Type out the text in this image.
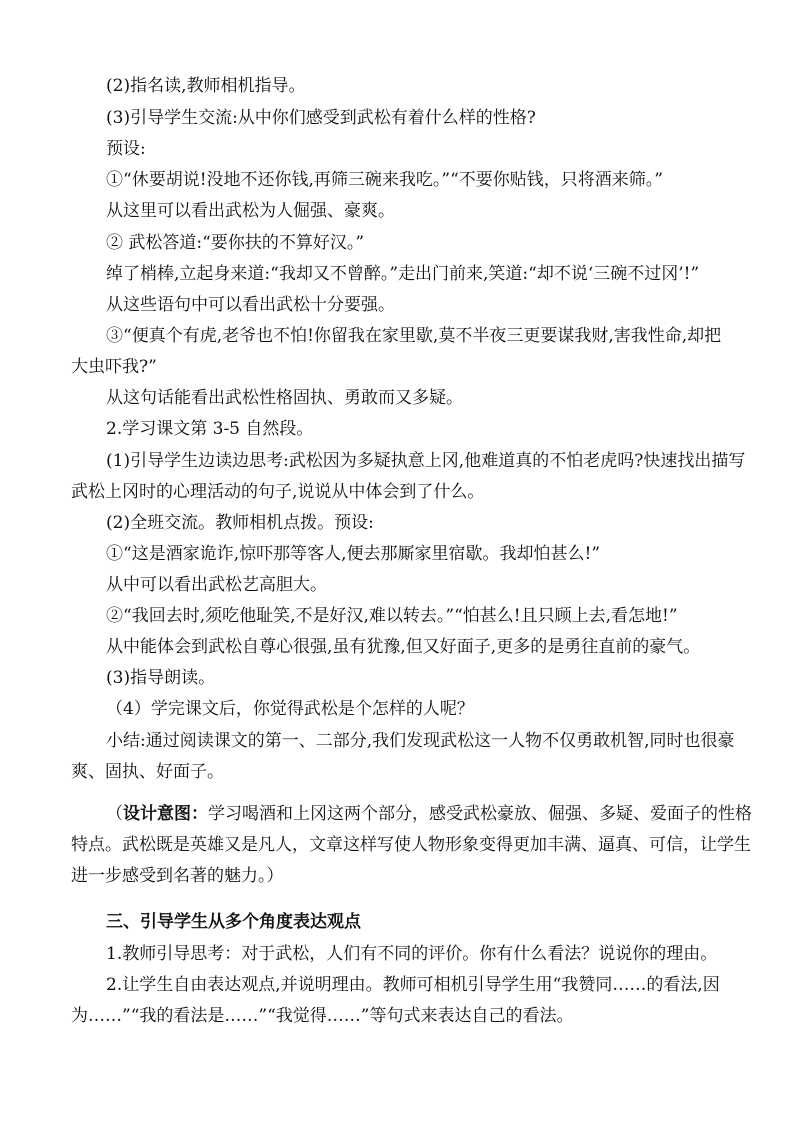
(2)指名读,教师相机指导。

(3)引导学生交流:从中你们感受到武松有着什么样的性格?

预设:

①“休要胡说!没地不还你钱,再筛三碗来我吃。”“不要你贴钱，只将酒来筛。”

从这里可以看出武松为人倔强、豪爽。

② 武松答道:“要你扶的不算好汉。”

绰了梢棒,立起身来道:“我却又不曾醉。”走出门前来,笑道:“却不说‘三碗不过冈’!”

从这些语句中可以看出武松十分要强。

③“便真个有虎,老爷也不怕!你留我在家里歇,莫不半夜三更要谋我财,害我性命,却把

大虫吓我?”

从这句话能看出武松性格固执、勇敢而又多疑。

2.学习课文第 3-5 自然段。

(1)引导学生边读边思考:武松因为多疑执意上冈,他难道真的不怕老虎吗?快速找出描写

武松上冈时的心理活动的句子,说说从中体会到了什么。

(2)全班交流。教师相机点拨。预设:

①“这是酒家诡诈,惊吓那等客人,便去那厮家里宿歇。我却怕甚么!”

从中可以看出武松艺高胆大。

②“我回去时,须吃他耻笑,不是好汉,难以转去。”“怕甚么!且只顾上去,看怎地!”

从中能体会到武松自尊心很强,虽有犹豫,但又好面子,更多的是勇往直前的豪气。

(3)指导朗读。

（4）学完课文后，你觉得武松是个怎样的人呢？

小结:通过阅读课文的第一、二部分,我们发现武松这一人物不仅勇敢机智,同时也很豪

爽、固执、好面子。

（设计意图：学习喝酒和上冈这两个部分，感受武松豪放、倔强、多疑、爱面子的性格

特点。武松既是英雄又是凡人，文章这样写使人物形象变得更加丰满、逼真、可信，让学生

进一步感受到名著的魅力。）

三、引导学生从多个角度表达观点

1.教师引导思考：对于武松，人们有不同的评价。你有什么看法？说说你的理由。

2.让学生自由表达观点,并说明理由。教师可相机引导学生用“我赞同……的看法,因

为……”“我的看法是……”“我觉得……”等句式来表达自己的看法。
